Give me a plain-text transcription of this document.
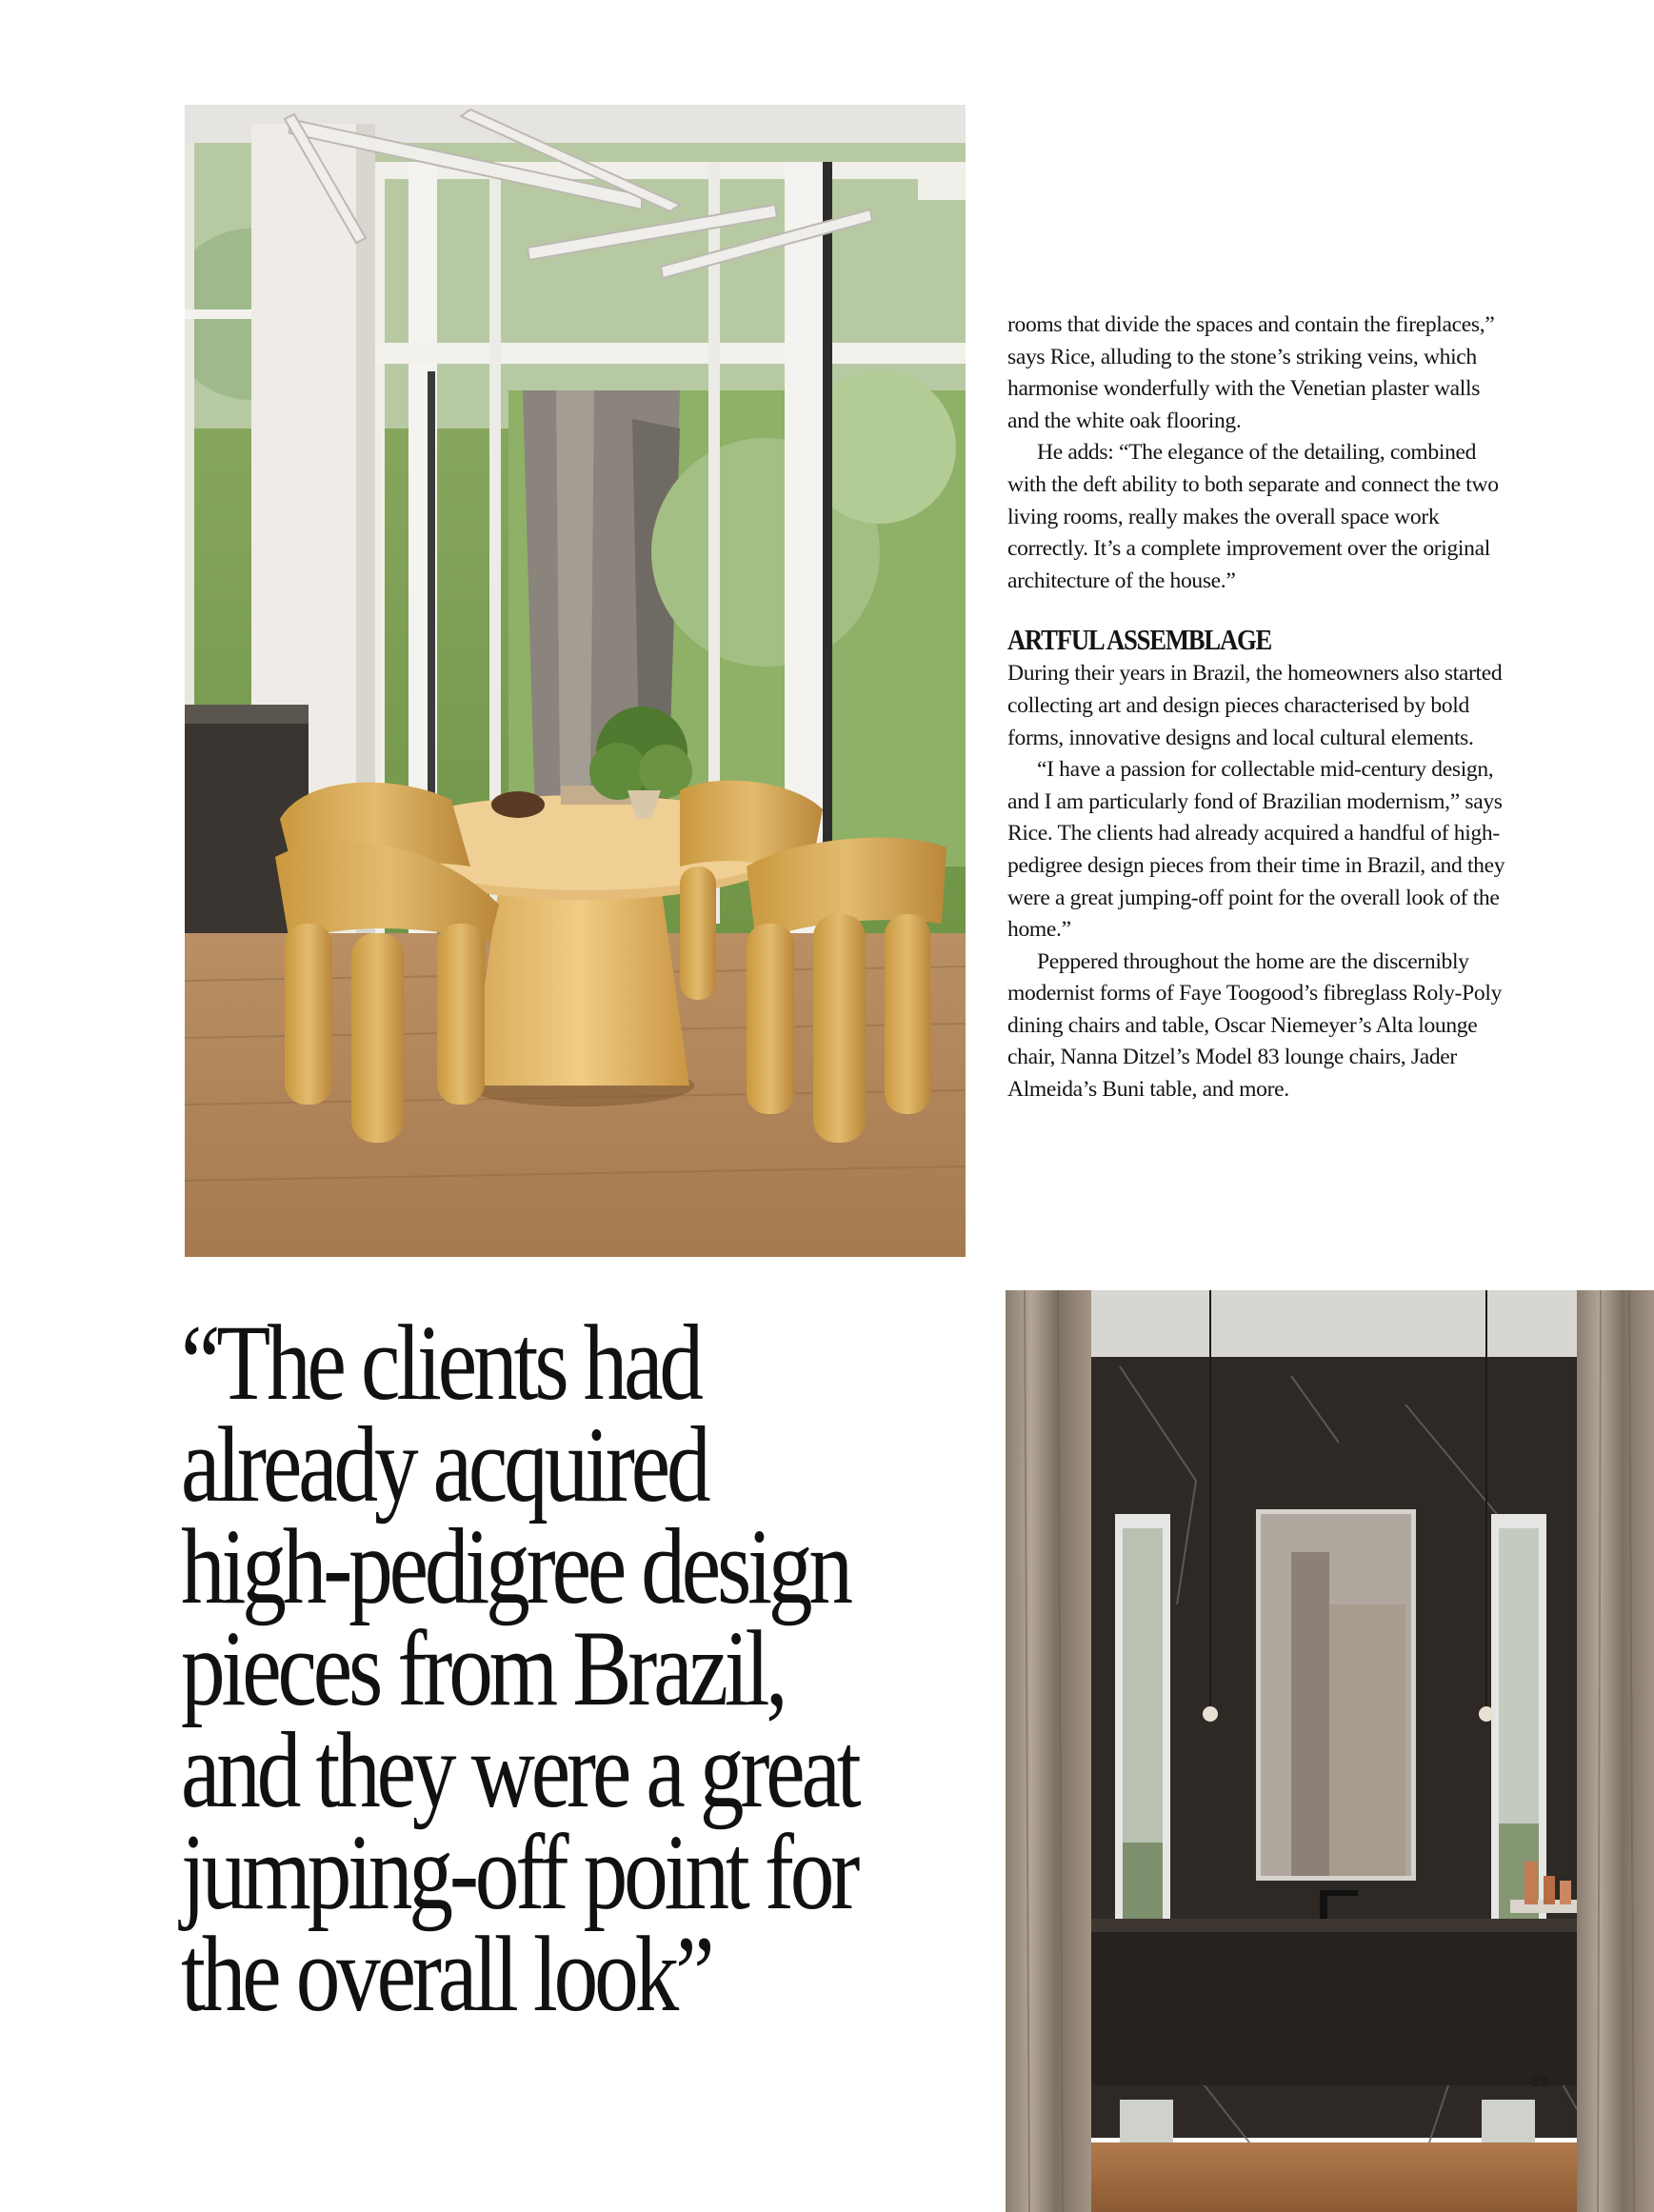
rooms that divide the spaces and contain the fireplaces,” says Rice, alluding to the stone’s striking veins, which harmonise wonderfully with the Venetian plaster walls and the white oak flooring.

He adds: “The elegance of the detailing, combined with the deft ability to both separate and connect the two living rooms, really makes the overall space work correctly. It’s a complete improvement over the original architecture of the house.”

ARTFUL ASSEMBLAGE

During their years in Brazil, the homeowners also started collecting art and design pieces characterised by bold forms, innovative designs and local cultural elements.

“I have a passion for collectable mid-century design, and I am particularly fond of Brazilian modernism,” says Rice. The clients had already acquired a handful of high-pedigree design pieces from their time in Brazil, and they were a great jumping-off point for the overall look of the home.”

Peppered throughout the home are the discernibly modernist forms of Faye Toogood’s fibreglass Roly-Poly dining chairs and table, Oscar Niemeyer’s Alta lounge chair, Nanna Ditzel’s Model 83 lounge chairs, Jader Almeida’s Buni table, and more.

“The clients had
already acquired
high-pedigree design
pieces from Brazil,
and they were a great
jumping-off point for
the overall look”
83
